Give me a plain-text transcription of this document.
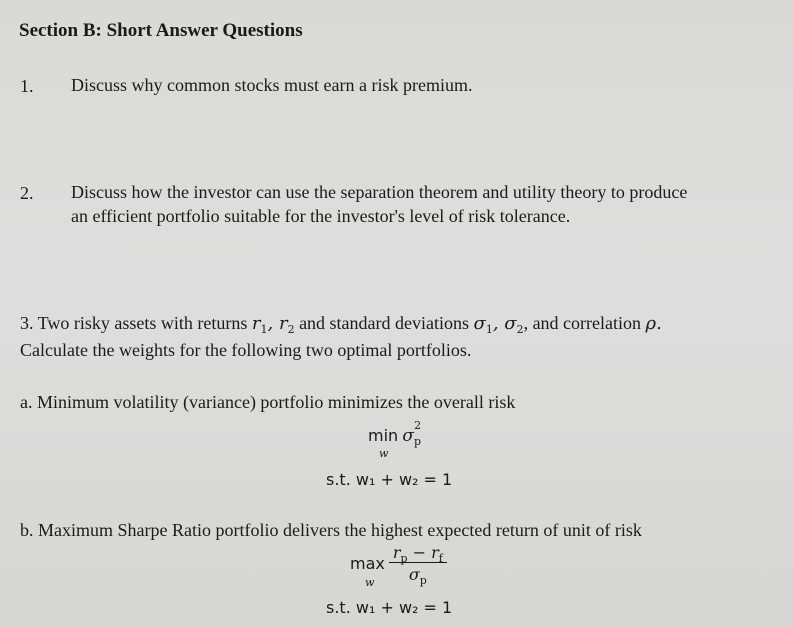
Section B: Short Answer Questions
1. Discuss why common stocks must earn a risk premium.
2. Discuss how the investor can use the separation theorem and utility theory to produce
an efficient portfolio suitable for the investor's level of risk tolerance.
3. Two risky assets with returns $r_1$, $r_2$ and standard deviations $\sigma_1$, $\sigma_2$, and correlation ρ.
Calculate the weights for the following two optimal portfolios.
a. Minimum volatility (variance) portfolio minimizes the overall risk
$\min \sigma_p^2$
w
s.t. w₁ + w₂ = 1
b. Maximum Sharpe Ratio portfolio delivers the highest expected return of unit of risk
$\max \frac{r_p - r_f}{\sigma_p}$
w
s.t. w₁ + w₂ = 1
